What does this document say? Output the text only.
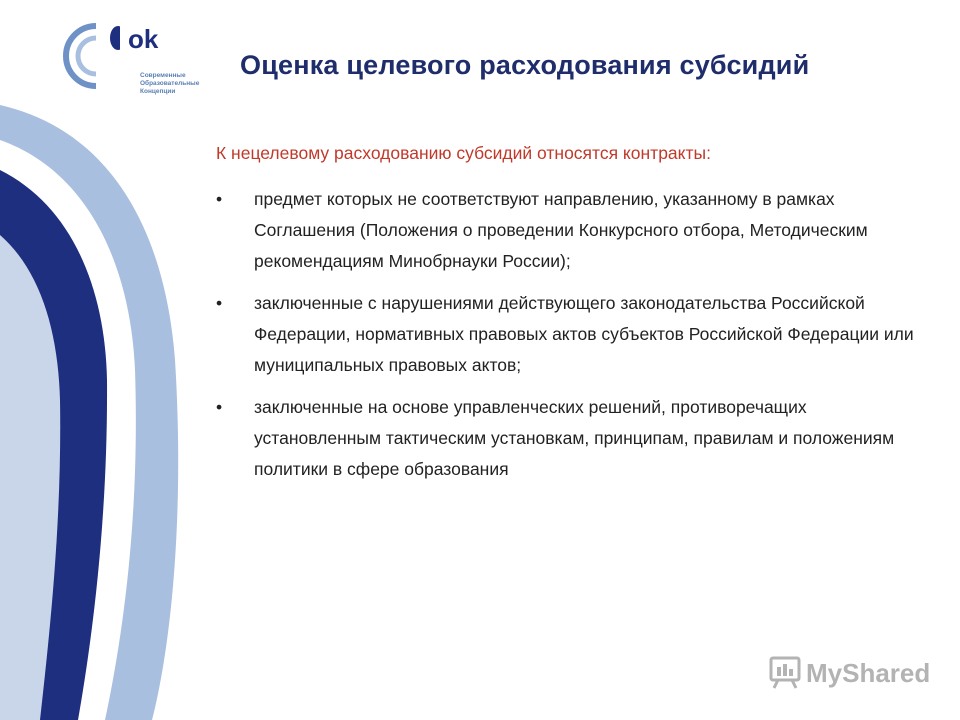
ok
Современные
Образовательные
Концепции
Оценка целевого расходования субсидий
К нецелевому расходованию субсидий относятся контракты:
• предмет которых не соответствуют направлению, указанному в рамках Соглашения (Положения о проведении Конкурсного отбора, Методическим рекомендациям Минобрнауки России);
• заключенные с нарушениями действующего законодательства Российской Федерации, нормативных правовых актов субъектов Российской Федерации или муниципальных правовых актов;
• заключенные на основе управленческих решений, противоречащих установленным тактическим установкам, принципам, правилам и положениям политики в сфере образования
MyShared
